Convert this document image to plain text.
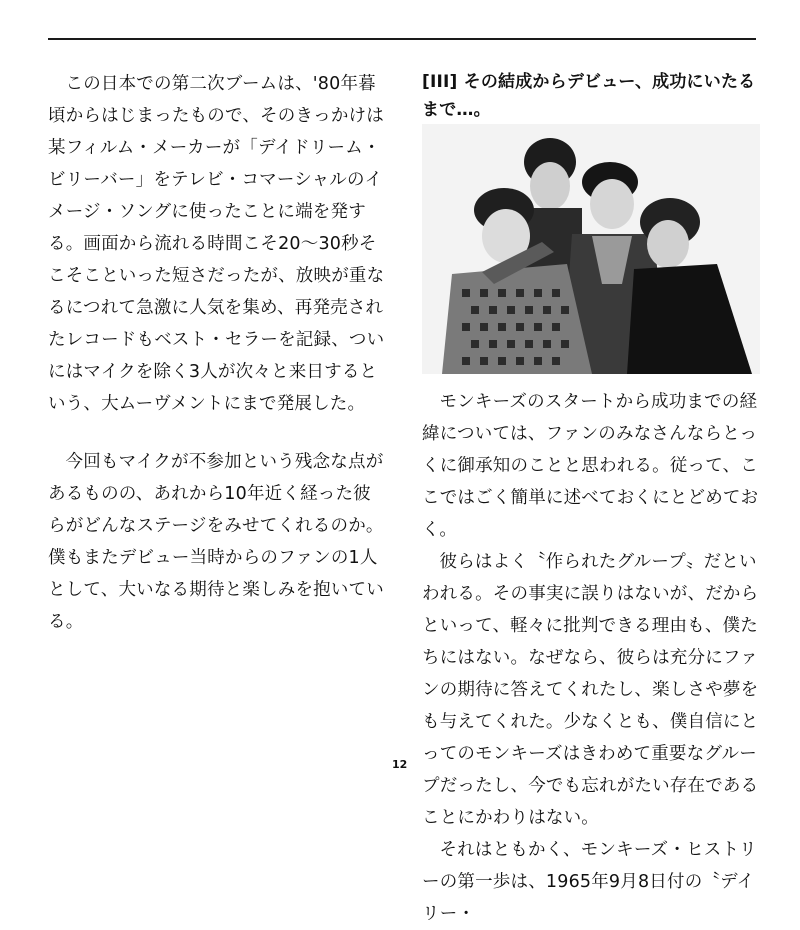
この日本での第二次ブームは、'80年暮頃からはじまったもので、そのきっかけは某フィルム・メーカーが「デイドリーム・ビリーバー」をテレビ・コマーシャルのイメージ・ソングに使ったことに端を発する。画面から流れる時間こそ20〜30秒そこそこといった短さだったが、放映が重なるにつれて急激に人気を集め、再発売されたレコードもベスト・セラーを記録、ついにはマイクを除く3人が次々と来日するという、大ムーヴメントにまで発展した。

今回もマイクが不参加という残念な点があるものの、あれから10年近く経った彼らがどんなステージをみせてくれるのか。僕もまたデビュー当時からのファンの1人として、大いなる期待と楽しみを抱いている。

[III] その結成からデビュー、成功にいたるまで…。

モンキーズのスタートから成功までの経緯については、ファンのみなさんならとっくに御承知のことと思われる。従って、ここではごく簡単に述べておくにとどめておく。

彼らはよく〝作られたグループ〟だといわれる。その事実に誤りはないが、だからといって、軽々に批判できる理由も、僕たちにはない。なぜなら、彼らは充分にファンの期待に答えてくれたし、楽しさや夢をも与えてくれた。少なくとも、僕自信にとってのモンキーズはきわめて重要なグループだったし、今でも忘れがたい存在であることにかわりはない。

それはともかく、モンキーズ・ヒストリーの第一歩は、1965年9月8日付の〝デイリー・

12
